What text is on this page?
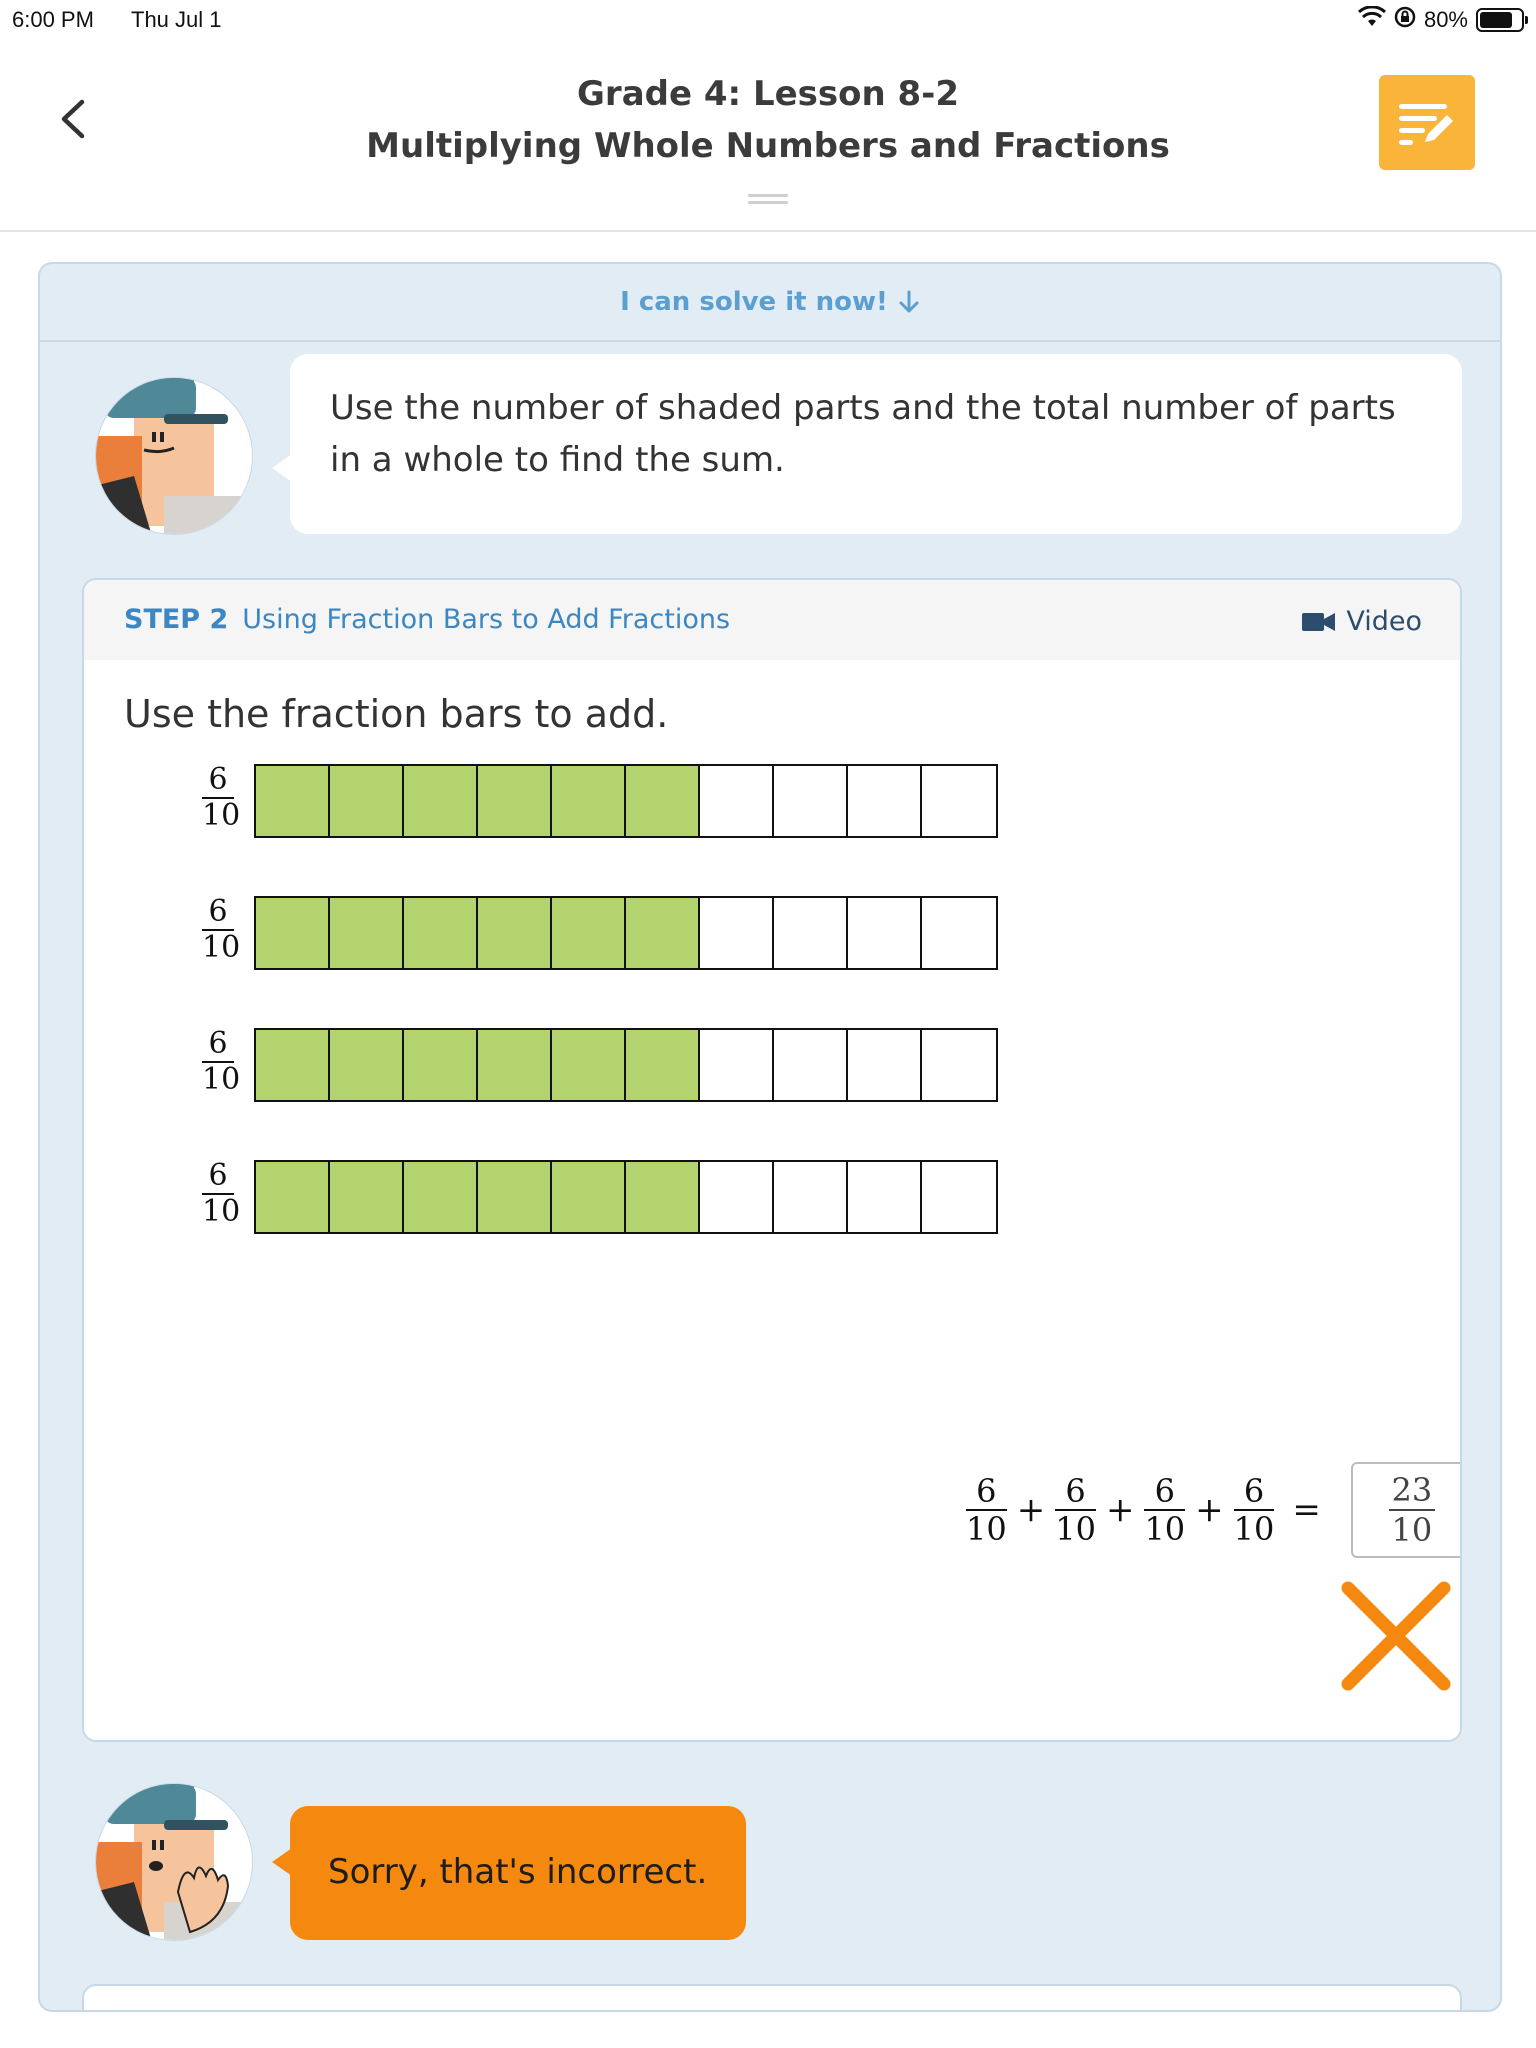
6:00 PM Thu Jul 1	80%
Grade 4: Lesson 8-2
Multiplying Whole Numbers and Fractions
I can solve it now!
Use the number of shaded parts and the total number of parts in a whole to find the sum.
STEP 2 Using Fraction Bars to Add Fractions	Video
Use the fraction bars to add.
$\frac{6}{10}$
$\frac{6}{10}$
$\frac{6}{10}$
$\frac{6}{10}$
$\frac{6}{10} + \frac{6}{10} + \frac{6}{10} + \frac{6}{10} = \frac{23}{10}$
Sorry, that's incorrect.
